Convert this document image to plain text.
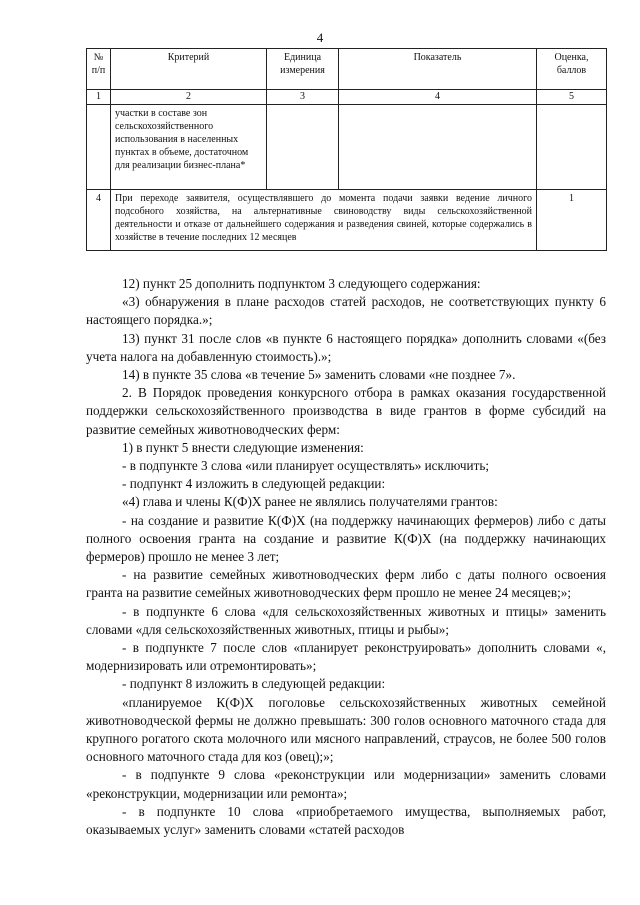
4
№ п/п	Критерий	Единица измерения	Показатель	Оценка, баллов
1	2	3	4	5
	участки в составе зон сельскохозяйственного использования в населенных пунктах в объеме, достаточном для реализации бизнес-плана*			
4	При переходе заявителя, осуществлявшего до момента подачи заявки ведение личного подсобного хозяйства, на альтернативные свиноводству виды сельскохозяйственной деятельности и отказе от дальнейшего содержания и разведения свиней, которые содержались в хозяйстве в течение последних 12 месяцев			1

12) пункт 25 дополнить подпунктом 3 следующего содержания:

«3) обнаружения в плане расходов статей расходов, не соответствующих пункту 6 настоящего порядка.»;

13) пункт 31 после слов «в пункте 6 настоящего порядка» дополнить словами «(без учета налога на добавленную стоимость).»;

14) в пункте 35 слова «в течение 5» заменить словами «не позднее 7».

2. В Порядок проведения конкурсного отбора в рамках оказания государственной поддержки сельскохозяйственного производства в виде грантов в форме субсидий на развитие семейных животноводческих ферм:

1) в пункт 5 внести следующие изменения:

- в подпункте 3 слова «или планирует осуществлять» исключить;

- подпункт 4 изложить в следующей редакции:

«4) глава и члены К(Ф)Х ранее не являлись получателями грантов:

- на создание и развитие К(Ф)Х (на поддержку начинающих фермеров) либо с даты полного освоения гранта на создание и развитие К(Ф)Х (на поддержку начинающих фермеров) прошло не менее 3 лет;

- на развитие семейных животноводческих ферм либо с даты полного освоения гранта на развитие семейных животноводческих ферм прошло не менее 24 месяцев;»;

- в подпункте 6 слова «для сельскохозяйственных животных и птицы» заменить словами «для сельскохозяйственных животных, птицы и рыбы»;

- в подпункте 7 после слов «планирует реконструировать» дополнить словами «, модернизировать или отремонтировать»;

- подпункт 8 изложить в следующей редакции:

«планируемое К(Ф)Х поголовье сельскохозяйственных животных семейной животноводческой фермы не должно превышать: 300 голов основного маточного стада для крупного рогатого скота молочного или мясного направлений, страусов, не более 500 голов основного маточного стада для коз (овец);»;

- в подпункте 9 слова «реконструкции или модернизации» заменить словами «реконструкции, модернизации или ремонта»;

- в подпункте 10 слова «приобретаемого имущества, выполняемых работ, оказываемых услуг» заменить словами «статей расходов
